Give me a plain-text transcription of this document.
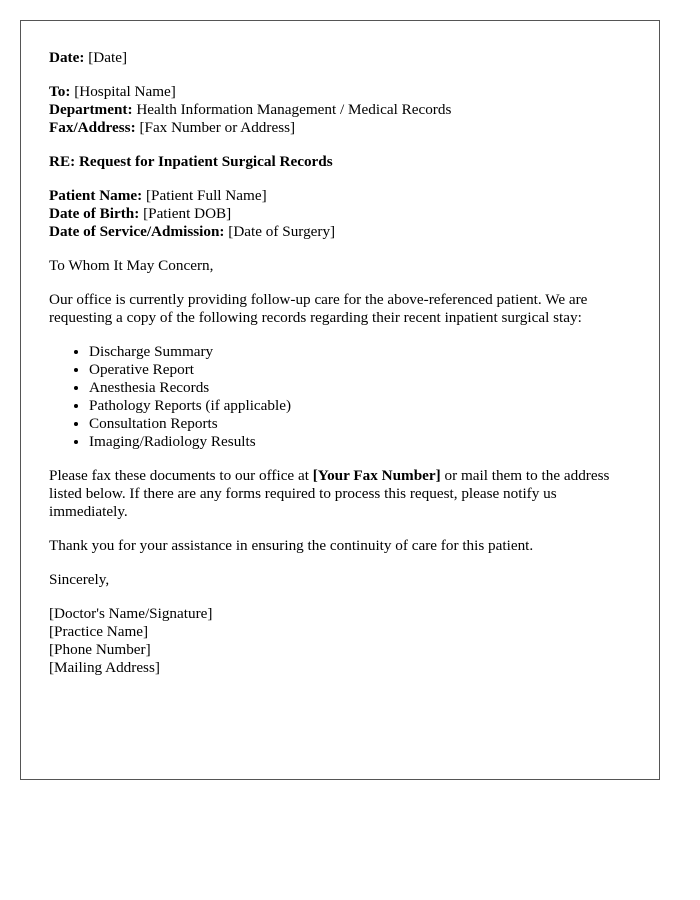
Date: [Date]
To: [Hospital Name]
Department: Health Information Management / Medical Records
Fax/Address: [Fax Number or Address]
RE: Request for Inpatient Surgical Records
Patient Name: [Patient Full Name]
Date of Birth: [Patient DOB]
Date of Service/Admission: [Date of Surgery]

To Whom It May Concern,

Our office is currently providing follow-up care for the above-referenced patient. We are requesting a copy of the following records regarding their recent inpatient surgical stay:

• Discharge Summary
• Operative Report
• Anesthesia Records
• Pathology Reports (if applicable)
• Consultation Reports
• Imaging/Radiology Results

Please fax these documents to our office at [Your Fax Number] or mail them to the address listed below. If there are any forms required to process this request, please notify us immediately.

Thank you for your assistance in ensuring the continuity of care for this patient.

Sincerely,

[Doctor's Name/Signature]
[Practice Name]
[Phone Number]
[Mailing Address]
